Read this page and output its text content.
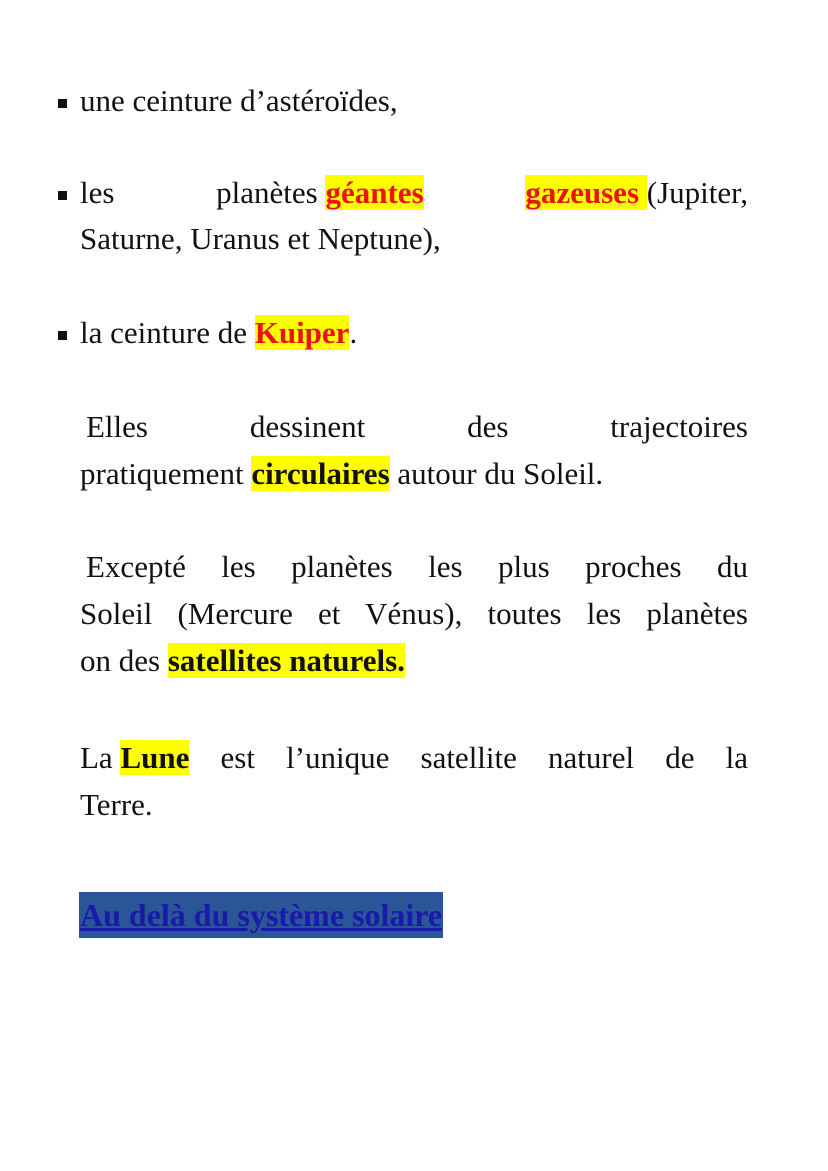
une ceinture d’astéroïdes,
les	planètes géantes	gazeuses (Jupiter,
Saturne, Uranus et Neptune),
la ceinture de Kuiper.
Elles	dessinent	des	trajectoires
pratiquement circulaires autour du Soleil.
Excepté les planètes les plus proches du
Soleil (Mercure et Vénus), toutes les planètes
on des satellites naturels.
La Lune est l’unique satellite naturel de la
Terre.
Au delà du système solaire
